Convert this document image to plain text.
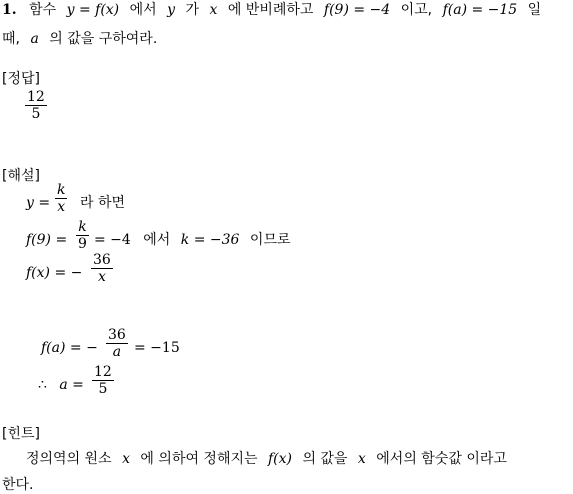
1. 함수 y = f(x) 에서 y 가 x 에 반비례하고 f(9) = −4 이고, f(a) = −15 일
때, a 의 값을 구하여라.
[정답]
12
5
[해설]
y =
k
x 라 하면
f(9) =
k
9 = −4 에서 k = −36 이므로
f(x) = −
36
x
f(a) = −
36
a = −15
∴ a =
12
5
[힌트]
정의역의 원소 x 에 의하여 정해지는 f(x) 의 값을 x 에서의 함숫값 이라고
한다.
